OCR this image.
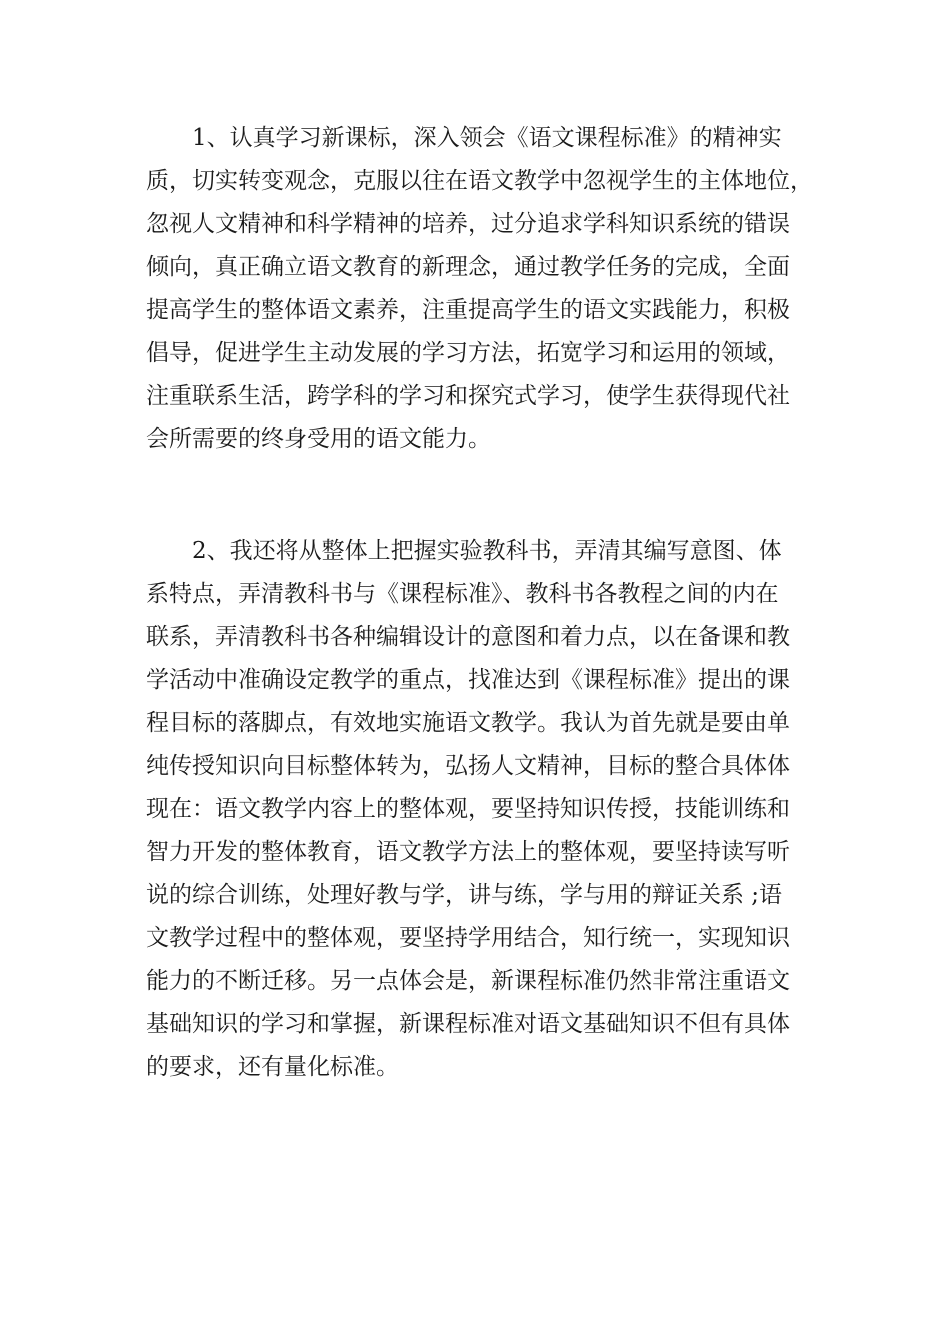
1、认真学习新课标，深入领会《语文课程标准》的精神实
质，切实转变观念，克服以往在语文教学中忽视学生的主体地位，
忽视人文精神和科学精神的培养，过分追求学科知识系统的错误
倾向，真正确立语文教育的新理念，通过教学任务的完成，全面
提高学生的整体语文素养，注重提高学生的语文实践能力，积极
倡导，促进学生主动发展的学习方法，拓宽学习和运用的领域，
注重联系生活，跨学科的学习和探究式学习，使学生获得现代社
会所需要的终身受用的语文能力。
2、我还将从整体上把握实验教科书，弄清其编写意图、体
系特点，弄清教科书与《课程标准》、教科书各教程之间的内在
联系，弄清教科书各种编辑设计的意图和着力点，以在备课和教
学活动中准确设定教学的重点，找准达到《课程标准》提出的课
程目标的落脚点，有效地实施语文教学。我认为首先就是要由单
纯传授知识向目标整体转为，弘扬人文精神，目标的整合具体体
现在：语文教学内容上的整体观，要坚持知识传授，技能训练和
智力开发的整体教育，语文教学方法上的整体观，要坚持读写听
说的综合训练，处理好教与学，讲与练，学与用的辩证关系 ;语
文教学过程中的整体观，要坚持学用结合，知行统一，实现知识
能力的不断迁移。另一点体会是，新课程标准仍然非常注重语文
基础知识的学习和掌握，新课程标准对语文基础知识不但有具体
的要求，还有量化标准。
